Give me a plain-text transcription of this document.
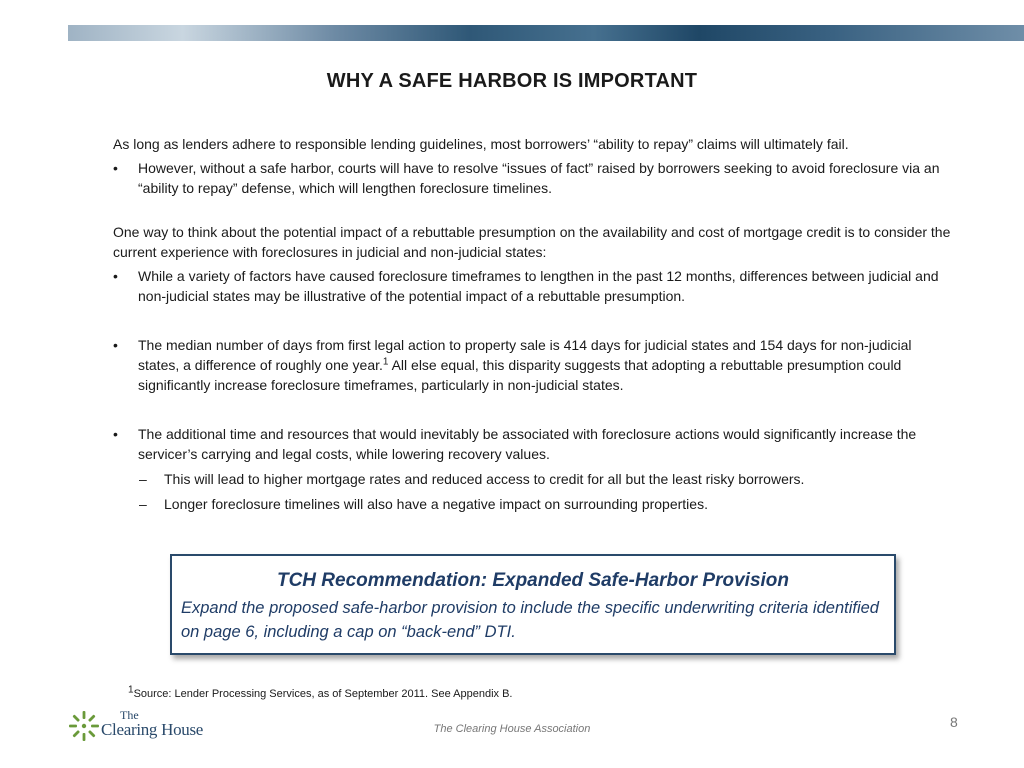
WHY A SAFE HARBOR IS IMPORTANT

As long as lenders adhere to responsible lending guidelines, most borrowers’ “ability to repay” claims will ultimately fail.

• However, without a safe harbor, courts will have to resolve “issues of fact” raised by borrowers seeking to avoid foreclosure via an “ability to repay” defense, which will lengthen foreclosure timelines.

One way to think about the potential impact of a rebuttable presumption on the availability and cost of mortgage credit is to consider the current experience with foreclosures in judicial and non-judicial states:

• While a variety of factors have caused foreclosure timeframes to lengthen in the past 12 months, differences between judicial and non-judicial states may be illustrative of the potential impact of a rebuttable presumption.

• The median number of days from first legal action to property sale is 414 days for judicial states and 154 days for non-judicial states, a difference of roughly one year.$^1$ All else equal, this disparity suggests that adopting a rebuttable presumption could significantly increase foreclosure timeframes, particularly in non-judicial states.

• The additional time and resources that would inevitably be associated with foreclosure actions would significantly increase the servicer’s carrying and legal costs, while lowering recovery values.

– This will lead to higher mortgage rates and reduced access to credit for all but the least risky borrowers.

– Longer foreclosure timelines will also have a negative impact on surrounding properties.

TCH Recommendation: Expanded Safe-Harbor Provision
Expand the proposed safe-harbor provision to include the specific underwriting criteria identified on page 6, including a cap on “back-end” DTI.
1Source: Lender Processing Services, as of September 2011. See Appendix B.
The
Clearing House	The Clearing House Association	8
